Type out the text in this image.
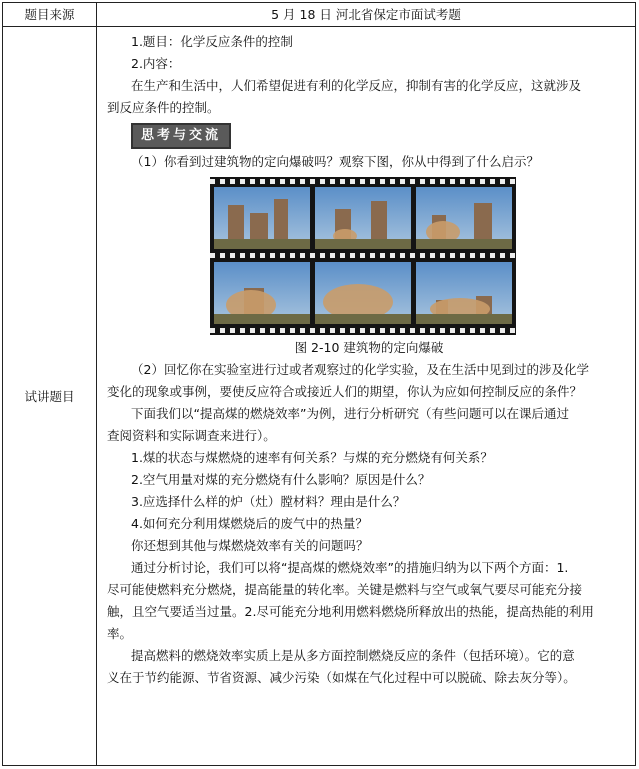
题目来源	5 月 18 日 河北省保定市面试考题
试讲题目

1.题目：化学反应条件的控制

2.内容：

在生产和生活中，人们希望促进有利的化学反应，抑制有害的化学反应，这就涉及

到反应条件的控制。

思考与交流

（1）你看到过建筑物的定向爆破吗？观察下图，你从中得到了什么启示？

图 2-10 建筑物的定向爆破

（2）回忆你在实验室进行过或者观察过的化学实验，及在生活中见到过的涉及化学

变化的现象或事例，要使反应符合或接近人们的期望，你认为应如何控制反应的条件？

下面我们以“提高煤的燃烧效率”为例，进行分析研究（有些问题可以在课后通过

查阅资料和实际调查来进行）。

1.煤的状态与煤燃烧的速率有何关系？与煤的充分燃烧有何关系？

2.空气用量对煤的充分燃烧有什么影响？原因是什么？

3.应选择什么样的炉（灶）膛材料？理由是什么？

4.如何充分利用煤燃烧后的废气中的热量？

你还想到其他与煤燃烧效率有关的问题吗？

通过分析讨论，我们可以将“提高煤的燃烧效率”的措施归纳为以下两个方面：1.

尽可能使燃料充分燃烧，提高能量的转化率。关键是燃料与空气或氧气要尽可能充分接

触，且空气要适当过量。2.尽可能充分地利用燃料燃烧所释放出的热能，提高热能的利用

率。

提高燃料的燃烧效率实质上是从多方面控制燃烧反应的条件（包括环境）。它的意

义在于节约能源、节省资源、减少污染（如煤在气化过程中可以脱硫、除去灰分等）。
